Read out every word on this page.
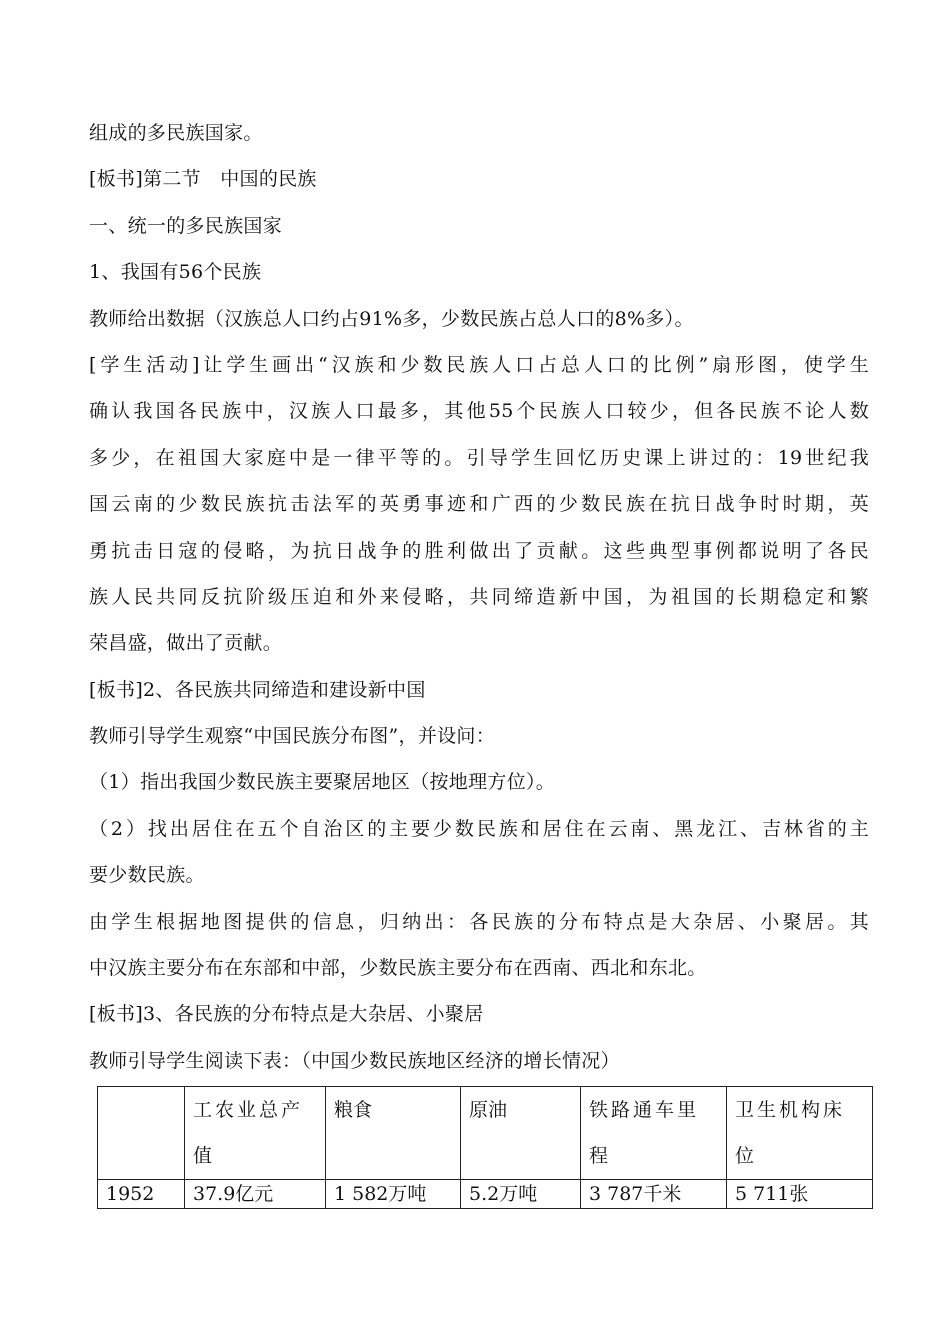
组成的多民族国家。
[板书]第二节　中国的民族
一、统一的多民族国家
1、我国有56个民族
教师给出数据（汉族总人口约占91%多，少数民族占总人口的8%多）。
[学生活动]让学生画出“汉族和少数民族人口占总人口的比例”扇形图，使学生
确认我国各民族中，汉族人口最多，其他55个民族人口较少，但各民族不论人数
多少，在祖国大家庭中是一律平等的。引导学生回忆历史课上讲过的：19世纪我
国云南的少数民族抗击法军的英勇事迹和广西的少数民族在抗日战争时时期，英
勇抗击日寇的侵略，为抗日战争的胜利做出了贡献。这些典型事例都说明了各民
族人民共同反抗阶级压迫和外来侵略，共同缔造新中国，为祖国的长期稳定和繁
荣昌盛，做出了贡献。
[板书]2、各民族共同缔造和建设新中国
教师引导学生观察“中国民族分布图”，并设问：
（1）指出我国少数民族主要聚居地区（按地理方位）。
（2）找出居住在五个自治区的主要少数民族和居住在云南、黑龙江、吉林省的主
要少数民族。
由学生根据地图提供的信息，归纳出：各民族的分布特点是大杂居、小聚居。其
中汉族主要分布在东部和中部，少数民族主要分布在西南、西北和东北。
[板书]3、各民族的分布特点是大杂居、小聚居
教师引导学生阅读下表：（中国少数民族地区经济的增长情况）

	工农业总产值	粮食	原油	铁路通车里程	卫生机构床位

1952	37.9亿元	1 582万吨	5.2万吨	3 787千米	5 711张
